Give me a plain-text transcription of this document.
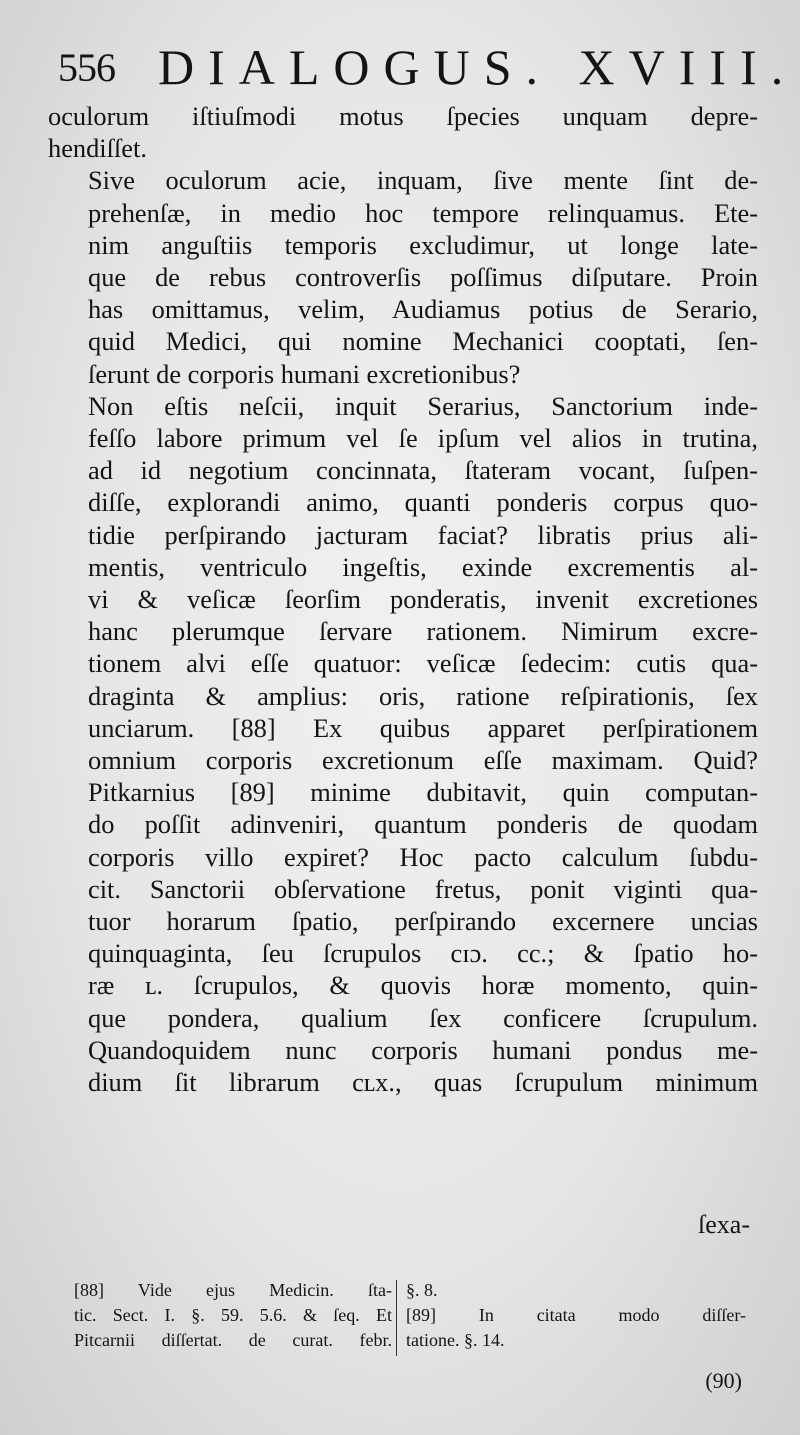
556 DIALOGUS. XVIII.

oculorum iſtiuſmodi motus ſpecies unquam depre-
hendiſſet.

Sive oculorum acie, inquam, ſive mente ſint de-
prehenſæ, in medio hoc tempore relinquamus. Ete-
nim anguſtiis temporis excludimur, ut longe late-
que de rebus controverſis poſſimus diſputare. Proin
has omittamus, velim, Audiamus potius de Serario,
quid Medici, qui nomine Mechanici cooptati, ſen-
ſerunt de corporis humani excretionibus?

Non eſtis neſcii, inquit Serarius, Sanctorium inde-
feſſo labore primum vel ſe ipſum vel alios in trutina,
ad id negotium concinnata, ſtateram vocant, ſuſpen-
diſſe, explorandi animo, quanti ponderis corpus quo-
tidie perſpirando jacturam faciat? libratis prius ali-
mentis, ventriculo ingeſtis, exinde excrementis al-
vi & veſicæ ſeorſim ponderatis, invenit excretiones
hanc plerumque ſervare rationem. Nimirum excre-
tionem alvi eſſe quatuor: veſicæ ſedecim: cutis qua-
draginta & amplius: oris, ratione reſpirationis, ſex
unciarum. [88] Ex quibus apparet perſpirationem
omnium corporis excretionum eſſe maximam. Quid?
Pitkarnius [89] minime dubitavit, quin computan-
do poſſit adinveniri, quantum ponderis de quodam
corporis villo expiret? Hoc pacto calculum ſubdu-
cit. Sanctorii obſervatione fretus, ponit viginti qua-
tuor horarum ſpatio, perſpirando excernere uncias
quinquaginta, ſeu ſcrupulos cɪɔ. cc.; & ſpatio ho-
ræ ʟ. ſcrupulos, & quovis horæ momento, quin-
que pondera, qualium ſex conficere ſcrupulum.
Quandoquidem nunc corporis humani pondus me-
dium ſit librarum cʟx., quas ſcrupulum minimum

ſexa-
[88] Vide ejus Medicin. ſta-
tic. Sect. I. §. 59. 5.6. & ſeq. Et
Pitcarnii diſſertat. de curat. febr.
§. 8.
[89] In citata modo diſſer-
tatione. §. 14.
(90)
